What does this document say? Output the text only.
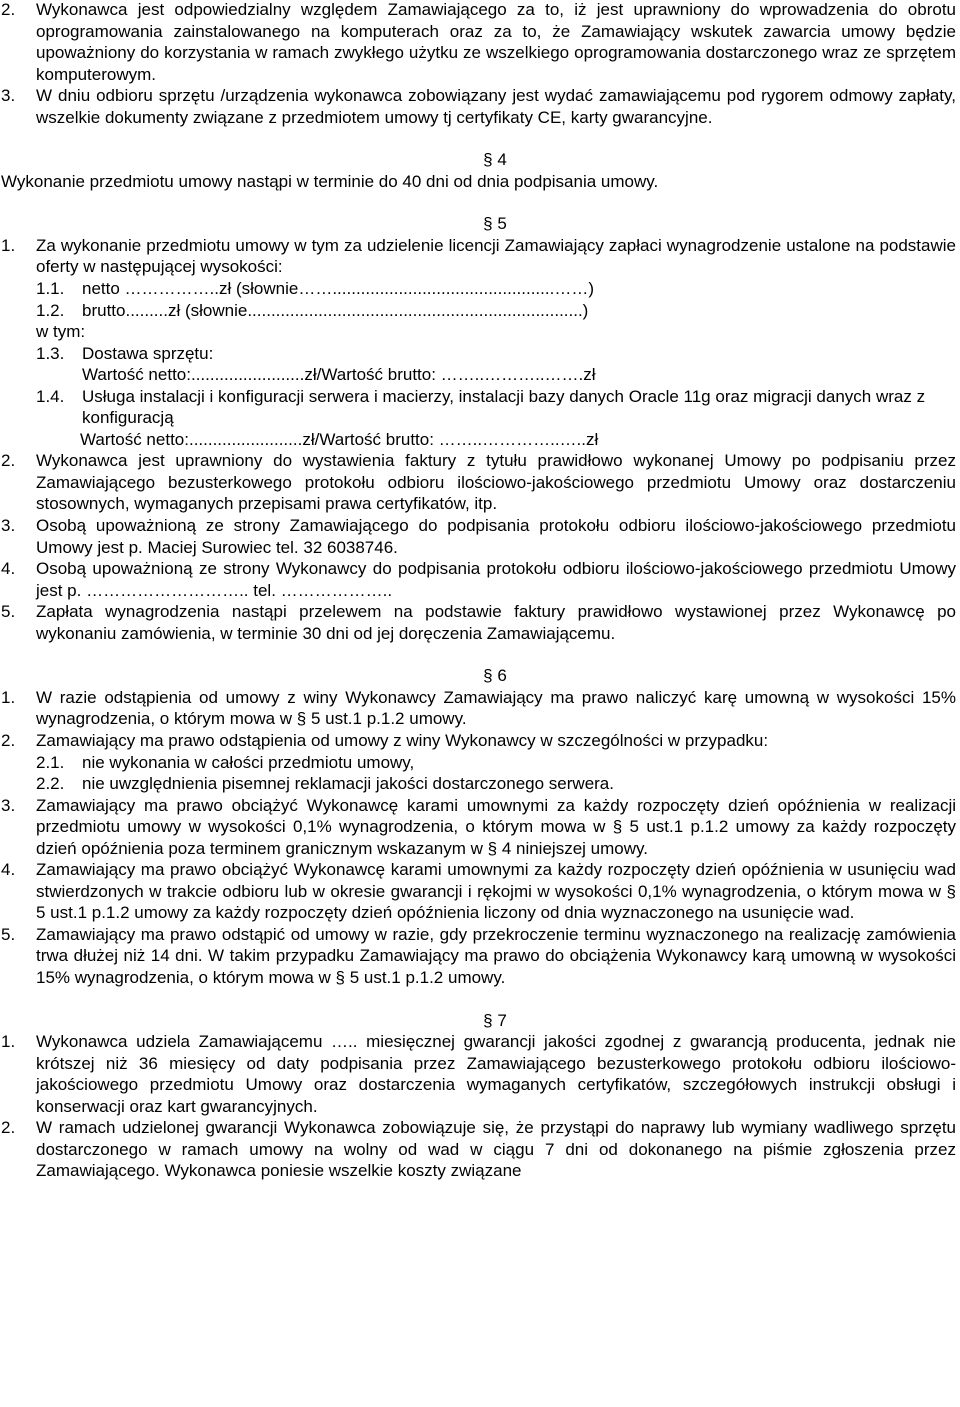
2. Wykonawca jest odpowiedzialny względem Zamawiającego za to, iż jest uprawniony do wprowadzenia do obrotu oprogramowania zainstalowanego na komputerach oraz za to, że Zamawiający wskutek zawarcia umowy będzie upoważniony do korzystania w ramach zwykłego użytku ze wszelkiego oprogramowania dostarczonego wraz ze sprzętem komputerowym.
3. W dniu odbioru sprzętu /urządzenia wykonawca zobowiązany jest wydać zamawiającemu pod rygorem odmowy zapłaty, wszelkie dokumenty związane z przedmiotem umowy tj certyfikaty CE, karty gwarancyjne.
§ 4
Wykonanie przedmiotu umowy nastąpi w terminie do 40 dni od dnia podpisania umowy.
§ 5
1. Za wykonanie przedmiotu umowy w tym za udzielenie licencji Zamawiający zapłaci wynagrodzenie ustalone na podstawie oferty w następującej wysokości:
1.1. netto ……………..zł (słownie……...............................................……)
1.2. brutto.........zł (słownie.......................................................................)
w tym:
1.3. Dostawa sprzętu:
Wartość netto:........................zł/Wartość brutto: ……..………..…….zł
1.4. Usługa instalacji i konfiguracji serwera i macierzy, instalacji bazy danych Oracle 11g oraz migracji danych wraz z konfiguracją
Wartość netto:........................zł/Wartość brutto: ……..…………..…..zł
2. Wykonawca jest uprawniony do wystawienia faktury z tytułu prawidłowo wykonanej Umowy po podpisaniu przez Zamawiającego bezusterkowego protokołu odbioru ilościowo-jakościowego przedmiotu Umowy oraz dostarczeniu stosownych, wymaganych przepisami prawa certyfikatów, itp.
3. Osobą upoważnioną ze strony Zamawiającego do podpisania protokołu odbioru ilościowo-jakościowego przedmiotu Umowy jest p. Maciej Surowiec tel. 32 6038746.
4. Osobą upoważnioną ze strony Wykonawcy do podpisania protokołu odbioru ilościowo-jakościowego przedmiotu Umowy jest p. ……………………….. tel. ………………..
5. Zapłata wynagrodzenia nastąpi przelewem na podstawie faktury prawidłowo wystawionej przez Wykonawcę po wykonaniu zamówienia, w terminie 30 dni od jej doręczenia Zamawiającemu.
§ 6
1. W razie odstąpienia od umowy z winy Wykonawcy Zamawiający ma prawo naliczyć karę umowną w wysokości 15% wynagrodzenia, o którym mowa w § 5 ust.1 p.1.2 umowy.
2. Zamawiający ma prawo odstąpienia od umowy z winy Wykonawcy w szczególności w przypadku:
2.1. nie wykonania w całości przedmiotu umowy,
2.2. nie uwzględnienia pisemnej reklamacji jakości dostarczonego serwera.
3. Zamawiający ma prawo obciążyć Wykonawcę karami umownymi za każdy rozpoczęty dzień opóźnienia w realizacji przedmiotu umowy w wysokości 0,1% wynagrodzenia, o którym mowa w § 5 ust.1 p.1.2 umowy za każdy rozpoczęty dzień opóźnienia poza terminem granicznym wskazanym w § 4 niniejszej umowy.
4. Zamawiający ma prawo obciążyć Wykonawcę karami umownymi za każdy rozpoczęty dzień opóźnienia w usunięciu wad stwierdzonych w trakcie odbioru lub w okresie gwarancji i rękojmi w wysokości 0,1% wynagrodzenia, o którym mowa w § 5 ust.1 p.1.2 umowy za każdy rozpoczęty dzień opóźnienia liczony od dnia wyznaczonego na usunięcie wad.
5. Zamawiający ma prawo odstąpić od umowy w razie, gdy przekroczenie terminu wyznaczonego na realizację zamówienia trwa dłużej niż 14 dni. W takim przypadku Zamawiający ma prawo do obciążenia Wykonawcy karą umowną w wysokości 15% wynagrodzenia, o którym mowa w § 5 ust.1 p.1.2 umowy.
§ 7
1. Wykonawca udziela Zamawiającemu ….. miesięcznej gwarancji jakości zgodnej z gwarancją producenta, jednak nie krótszej niż 36 miesięcy od daty podpisania przez Zamawiającego bezusterkowego protokołu odbioru ilościowo-jakościowego przedmiotu Umowy oraz dostarczenia wymaganych certyfikatów, szczegółowych instrukcji obsługi i konserwacji oraz kart gwarancyjnych.
2. W ramach udzielonej gwarancji Wykonawca zobowiązuje się, że przystąpi do naprawy lub wymiany wadliwego sprzętu dostarczonego w ramach umowy na wolny od wad w ciągu 7 dni od dokonanego na piśmie zgłoszenia przez Zamawiającego. Wykonawca poniesie wszelkie koszty związane
